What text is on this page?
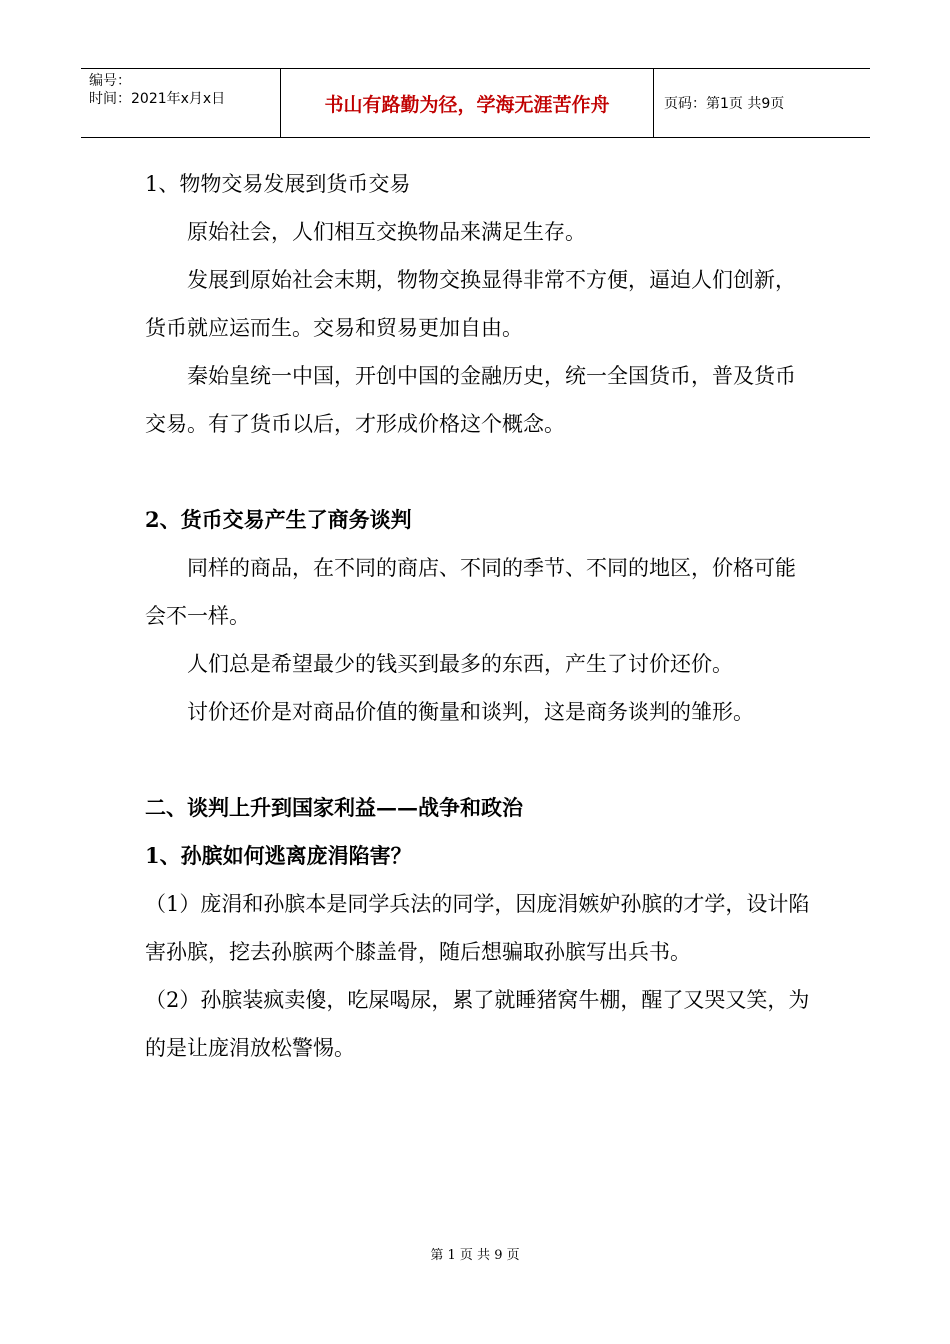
编号：
时间：2021年x月x日	书山有路勤为径，学海无涯苦作舟	页码：第1页 共9页

1、物物交易发展到货币交易

原始社会，人们相互交换物品来满足生存。

发展到原始社会末期，物物交换显得非常不方便，逼迫人们创新，货币就应运而生。交易和贸易更加自由。

秦始皇统一中国，开创中国的金融历史，统一全国货币，普及货币交易。有了货币以后，才形成价格这个概念。

2、货币交易产生了商务谈判

同样的商品，在不同的商店、不同的季节、不同的地区，价格可能会不一样。

人们总是希望最少的钱买到最多的东西，产生了讨价还价。

讨价还价是对商品价值的衡量和谈判，这是商务谈判的雏形。

二、谈判上升到国家利益——战争和政治

1、孙膑如何逃离庞涓陷害？

（1）庞涓和孙膑本是同学兵法的同学，因庞涓嫉妒孙膑的才学，设计陷害孙膑，挖去孙膑两个膝盖骨，随后想骗取孙膑写出兵书。

（2）孙膑装疯卖傻，吃屎喝尿，累了就睡猪窝牛棚，醒了又哭又笑，为的是让庞涓放松警惕。

第 1 页 共 9 页
